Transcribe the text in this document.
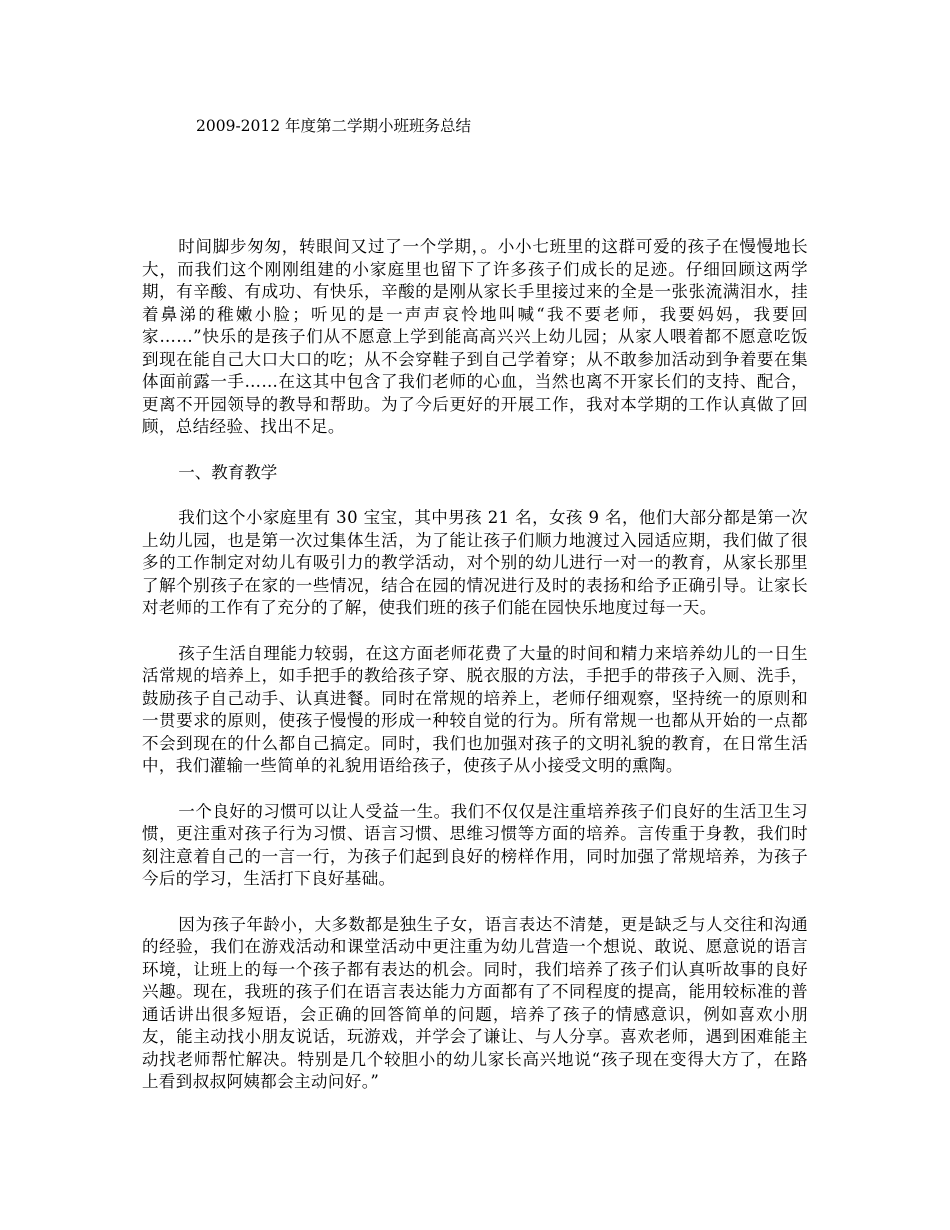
2009-2012 年度第二学期小班班务总结

时间脚步匆匆，转眼间又过了一个学期，。小小七班里的这群可爱的孩子在慢慢地长大，而我们这个刚刚组建的小家庭里也留下了许多孩子们成长的足迹。仔细回顾这两学期，有辛酸、有成功、有快乐，辛酸的是刚从家长手里接过来的全是一张张流满泪水，挂着鼻涕的稚嫩小脸；听见的是一声声哀怜地叫喊“我不要老师，我要妈妈，我要回家……”快乐的是孩子们从不愿意上学到能高高兴兴上幼儿园；从家人喂着都不愿意吃饭到现在能自己大口大口的吃；从不会穿鞋子到自己学着穿；从不敢参加活动到争着要在集体面前露一手……在这其中包含了我们老师的心血，当然也离不开家长们的支持、配合，更离不开园领导的教导和帮助。为了今后更好的开展工作，我对本学期的工作认真做了回顾，总结经验、找出不足。

一、教育教学

我们这个小家庭里有 30 宝宝，其中男孩 21 名，女孩 9 名，他们大部分都是第一次上幼儿园，也是第一次过集体生活，为了能让孩子们顺力地渡过入园适应期，我们做了很多的工作制定对幼儿有吸引力的教学活动，对个别的幼儿进行一对一的教育，从家长那里了解个别孩子在家的一些情况，结合在园的情况进行及时的表扬和给予正确引导。让家长对老师的工作有了充分的了解，使我们班的孩子们能在园快乐地度过每一天。

孩子生活自理能力较弱，在这方面老师花费了大量的时间和精力来培养幼儿的一日生活常规的培养上，如手把手的教给孩子穿、脱衣服的方法，手把手的带孩子入厕、洗手，鼓励孩子自己动手、认真进餐。同时在常规的培养上，老师仔细观察，坚持统一的原则和一贯要求的原则，使孩子慢慢的形成一种较自觉的行为。所有常规一也都从开始的一点都不会到现在的什么都自己搞定。同时，我们也加强对孩子的文明礼貌的教育，在日常生活中，我们灌输一些简单的礼貌用语给孩子，使孩子从小接受文明的熏陶。

一个良好的习惯可以让人受益一生。我们不仅仅是注重培养孩子们良好的生活卫生习惯，更注重对孩子行为习惯、语言习惯、思维习惯等方面的培养。言传重于身教，我们时刻注意着自己的一言一行，为孩子们起到良好的榜样作用，同时加强了常规培养，为孩子今后的学习，生活打下良好基础。

因为孩子年龄小，大多数都是独生子女，语言表达不清楚，更是缺乏与人交往和沟通的经验，我们在游戏活动和课堂活动中更注重为幼儿营造一个想说、敢说、愿意说的语言环境，让班上的每一个孩子都有表达的机会。同时，我们培养了孩子们认真听故事的良好兴趣。现在，我班的孩子们在语言表达能力方面都有了不同程度的提高，能用较标准的普通话讲出很多短语，会正确的回答简单的问题，培养了孩子的情感意识，例如喜欢小朋友，能主动找小朋友说话，玩游戏，并学会了谦让、与人分享。喜欢老师，遇到困难能主动找老师帮忙解决。特别是几个较胆小的幼儿家长高兴地说“孩子现在变得大方了，在路上看到叔叔阿姨都会主动问好。”
